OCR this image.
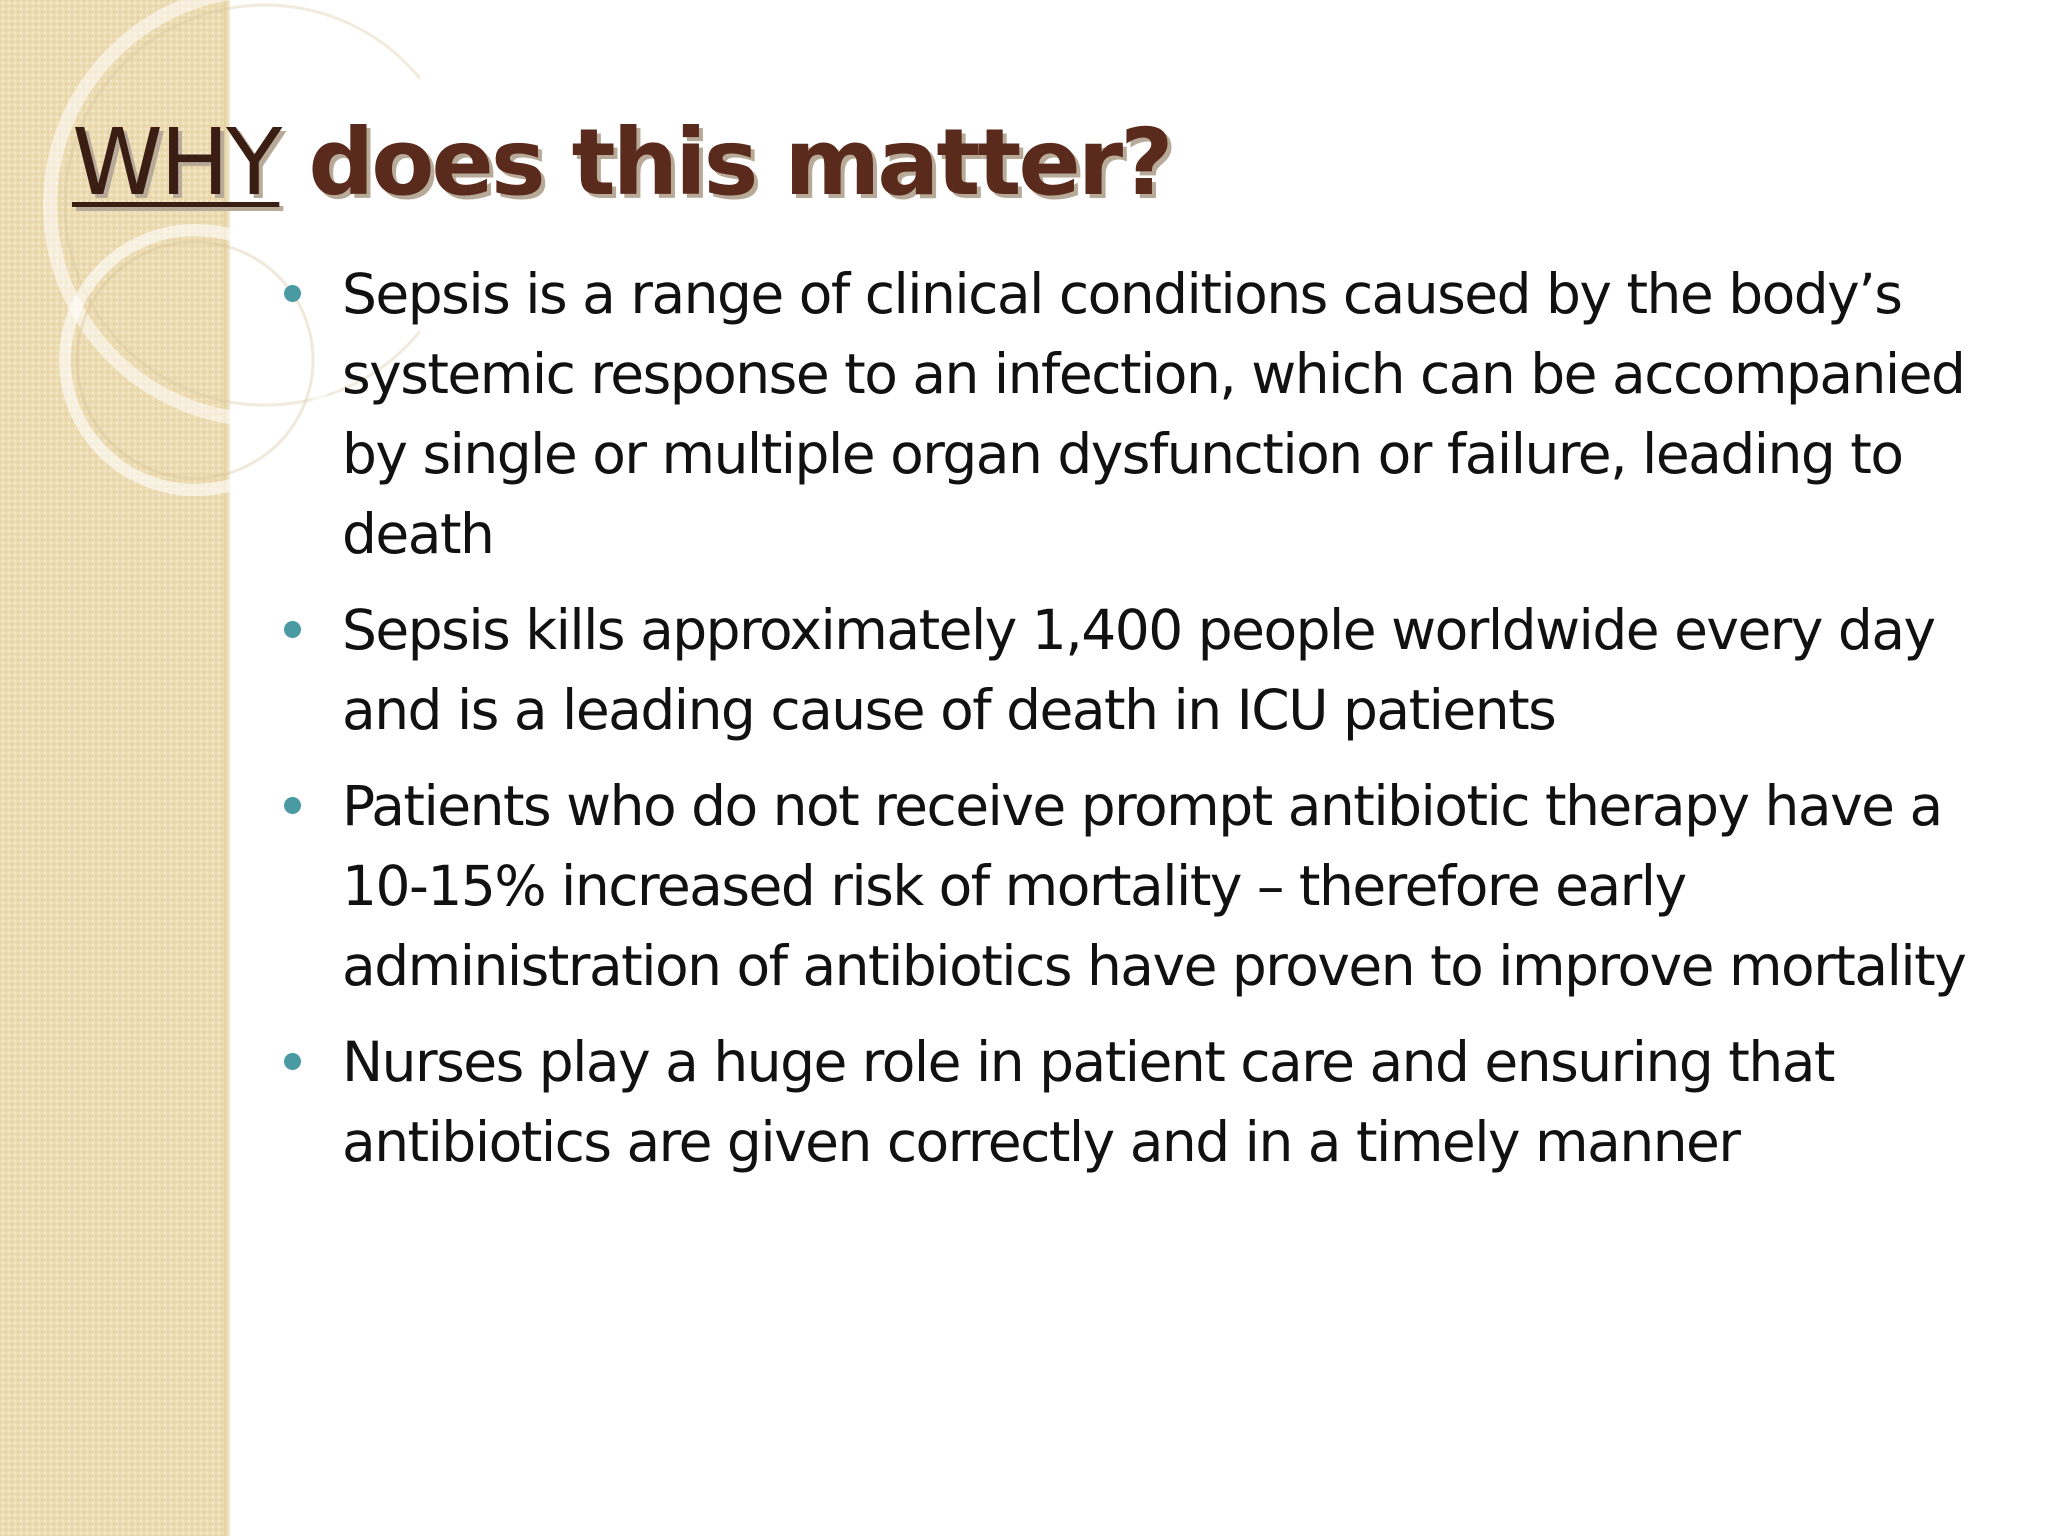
WHY does this matter?
Sepsis is a range of clinical conditions caused by the body’s systemic response to an infection, which can be accompanied by single or multiple organ dysfunction or failure, leading to death
Sepsis kills approximately 1,400 people worldwide every day and is a leading cause of death in ICU patients
Patients who do not receive prompt antibiotic therapy have a 10-15% increased risk of mortality – therefore early administration of antibiotics have proven to improve mortality
Nurses play a huge role in patient care and ensuring that antibiotics are given correctly and in a timely manner
